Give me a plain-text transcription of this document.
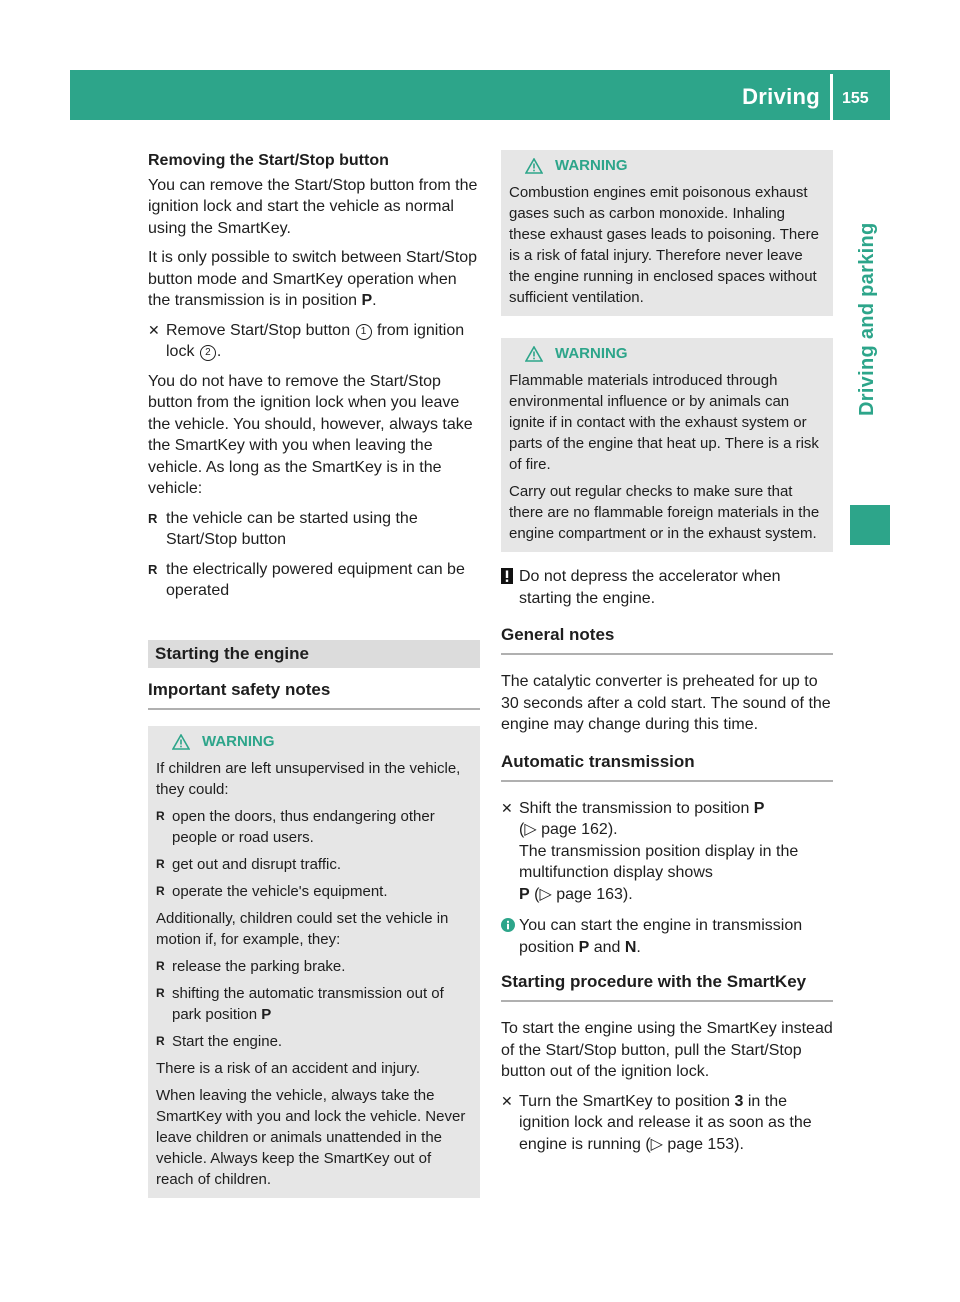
Driving 155
Driving and parking
Removing the Start/Stop button
You can remove the Start/Stop button from the ignition lock and start the vehicle as normal using the SmartKey.
It is only possible to switch between Start/Stop button mode and SmartKey operation when the transmission is in position P.
✕ Remove Start/Stop button 1 from ignition lock 2 .
You do not have to remove the Start/Stop button from the ignition lock when you leave the vehicle. You should, however, always take the SmartKey with you when leaving the vehicle. As long as the SmartKey is in the vehicle:
R the vehicle can be started using the Start/Stop button
R the electrically powered equipment can be operated
Starting the engine
Important safety notes
WARNING
If children are left unsupervised in the vehicle, they could:
R open the doors, thus endangering other people or road users.
R get out and disrupt traffic.
R operate the vehicle's equipment.
Additionally, children could set the vehicle in motion if, for example, they:
R release the parking brake.
R shifting the automatic transmission out of park position P
R Start the engine.
There is a risk of an accident and injury.
When leaving the vehicle, always take the SmartKey with you and lock the vehicle. Never leave children or animals unattended in the vehicle. Always keep the SmartKey out of reach of children.
WARNING
Combustion engines emit poisonous exhaust gases such as carbon monoxide. Inhaling these exhaust gases leads to poisoning. There is a risk of fatal injury. Therefore never leave the engine running in enclosed spaces without sufficient ventilation.
WARNING
Flammable materials introduced through environmental influence or by animals can ignite if in contact with the exhaust system or parts of the engine that heat up. There is a risk of fire.
Carry out regular checks to make sure that there are no flammable foreign materials in the engine compartment or in the exhaust system.
Do not depress the accelerator when starting the engine.
General notes
The catalytic converter is preheated for up to 30 seconds after a cold start. The sound of the engine may change during this time.
Automatic transmission
✕ Shift the transmission to position P
(▷ page 162).
The transmission position display in the multifunction display shows
P (▷ page 163).
You can start the engine in transmission position P and N.
Starting procedure with the SmartKey
To start the engine using the SmartKey instead of the Start/Stop button, pull the Start/Stop button out of the ignition lock.
✕ Turn the SmartKey to position 3 in the ignition lock and release it as soon as the engine is running (▷ page 153).
